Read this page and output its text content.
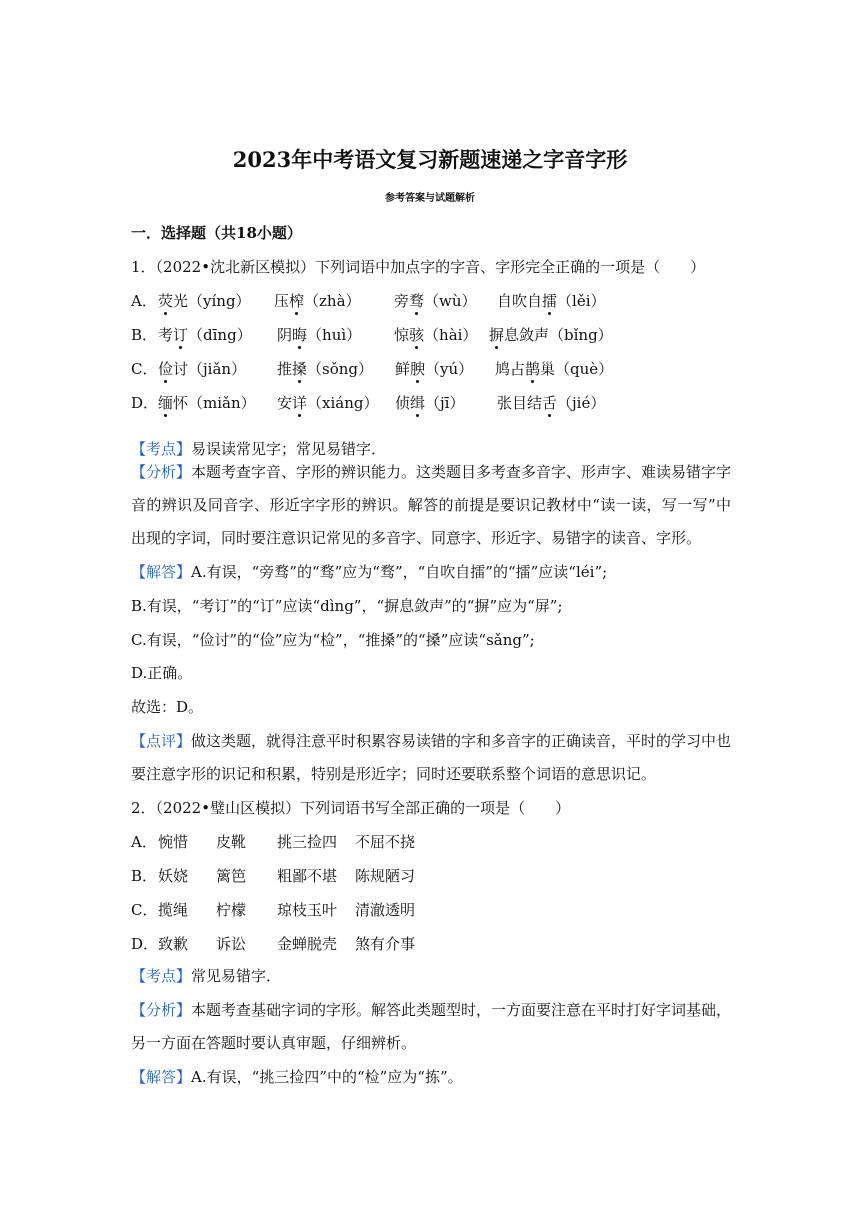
2023年中考语文复习新题速递之字音字形
参考答案与试题解析
一．选择题（共18小题）
1．（2022•沈北新区模拟）下列词语中加点字的字音、字形完全正确的一项是（　　）
【考点】易误读常见字；常见易错字．
【分析】本题考查字音、字形的辨识能力。这类题目多考查多音字、形声字、难读易错字字
音的辨识及同音字、形近字字形的辨识。解答的前提是要识记教材中“读一读，写一写”中
出现的字词，同时要注意识记常见的多音字、同意字、形近字、易错字的读音、字形。
【解答】A.有误，“旁骛”的“骛”应为“骛”，“自吹自擂”的“擂”应读“léi”;
B.有误，“考订”的“订”应读“dìng”，“摒息敛声”的“摒”应为“屏”;
C.有误，“俭讨”的“俭”应为“检”，“推搡”的“搡”应读“sǎng”;
D.正确。
故选：D。
【点评】做这类题，就得注意平时积累容易读错的字和多音字的正确读音，平时的学习中也
要注意字形的识记和积累，特别是形近字；同时还要联系整个词语的意思识记。
2．（2022•璧山区模拟）下列词语书写全部正确的一项是（　　）
【考点】常见易错字．
【分析】本题考查基础字词的字形。解答此类题型时，一方面要注意在平时打好字词基础，
另一方面在答题时要认真审题，仔细辨析。
【解答】A.有误，“挑三捡四”中的“检”应为“拣”。
A． 荧光（yíng） 压榨（zhà） 旁骛（wù） 自吹自擂（lěi）
B． 考订（dīng） 阴晦（huì） 惊骇（hài） 摒息敛声（bǐng）
C． 俭讨（jiǎn） 推搡（sǒng） 鲜腴（yú） 鸠占鹊巢（què）
D． 缅怀（miǎn） 安详（xiáng） 侦缉（jī） 张目结舌（jié）
A． 惋惜 皮靴 挑三捡四 不屈不挠
B． 妖娆 篱笆 粗鄙不堪 陈规陋习
C． 揽绳 柠檬 琼枝玉叶 清澈透明
D． 致歉 诉讼 金蝉脱壳 煞有介事
